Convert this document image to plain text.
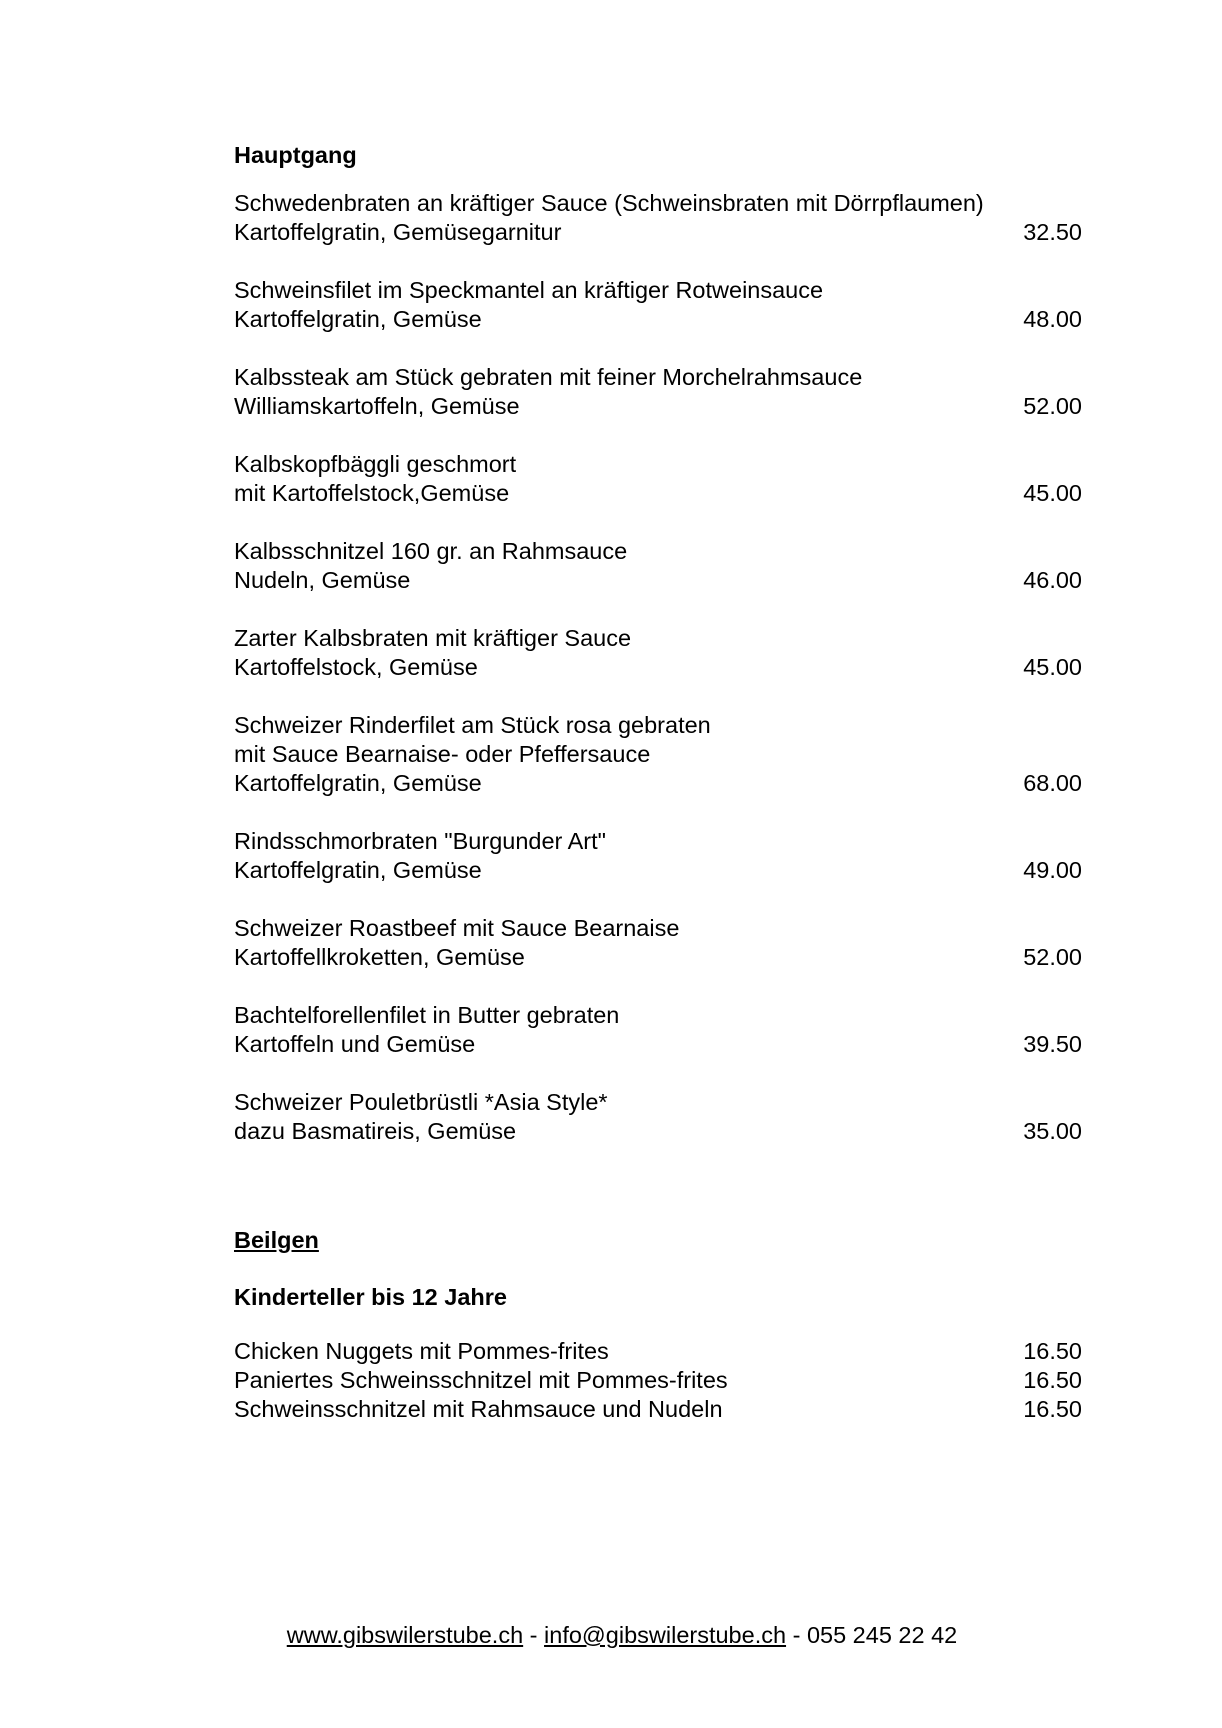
Hauptgang
Schwedenbraten an kräftiger Sauce (Schweinsbraten mit Dörrpflaumen)
Kartoffelgratin, Gemüsegarnitur	32.50
Schweinsfilet im Speckmantel an kräftiger Rotweinsauce
Kartoffelgratin, Gemüse	48.00
Kalbssteak am Stück gebraten mit feiner Morchelrahmsauce
Williamskartoffeln, Gemüse	52.00
Kalbskopfbäggli geschmort
mit Kartoffelstock,Gemüse	45.00
Kalbsschnitzel 160 gr. an Rahmsauce
Nudeln, Gemüse	46.00
Zarter Kalbsbraten mit kräftiger Sauce
Kartoffelstock, Gemüse	45.00
Schweizer Rinderfilet am Stück rosa gebraten
mit Sauce Bearnaise- oder Pfeffersauce
Kartoffelgratin, Gemüse	68.00
Rindsschmorbraten "Burgunder Art"
Kartoffelgratin, Gemüse	49.00
Schweizer Roastbeef mit Sauce Bearnaise
Kartoffellkroketten, Gemüse	52.00
Bachtelforellenfilet in Butter gebraten
Kartoffeln und Gemüse	39.50
Schweizer Pouletbrüstli *Asia Style*
dazu Basmatireis, Gemüse	35.00
Beilgen
Kinderteller bis 12 Jahre
Chicken Nuggets mit Pommes-frites	16.50
Paniertes Schweinsschnitzel mit Pommes-frites	16.50
Schweinsschnitzel mit Rahmsauce und Nudeln	16.50
www.gibswilerstube.ch - info@gibswilerstube.ch - 055 245 22 42
